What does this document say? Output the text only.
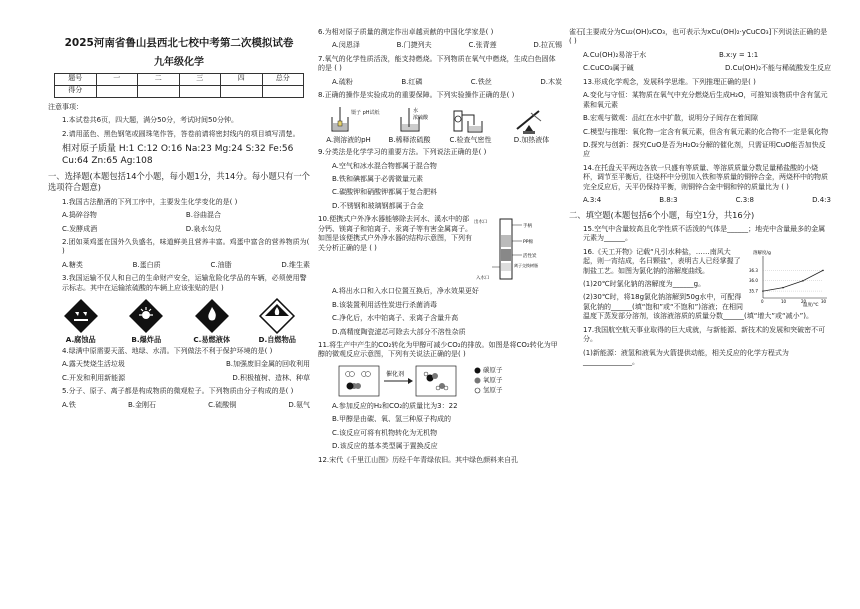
2025河南省鲁山县西北七校中考第二次模拟试卷
九年级化学
题号	一	二	三	四	总分
得分					

注意事项：

1.本试卷共6页，四大题，满分50分，考试时间50分钟。

2.请用蓝色、黑色钢笔或圆珠笔作答，答卷前请将密封线内的项目填写清楚。

相对原子质量 H:1 C:12 O:16 Na:23 Mg:24 S:32 Fe:56 Cu:64 Zn:65 Ag:108

一、选择题(本题包括14个小题，每小题1分，共14分。每小题只有一个选项符合题意)

1.我国古法酿酒的下列工序中，主要发生化学变化的是( )

A.捣碎谷物	B.谷曲混合
C.发酵成酒	D.泉水勾兑

2.团如莱鸡蛋在国外久负盛名，味道鲜美且营养丰富。鸡蛋中富含的营养物质为( )

A.糖类	B.蛋白质	C.油脂	D.维生素

3.我国运输不仅人和自己的生命财产安全，运输危险化学品的车辆，必须使用警示标志。其中在运输浓硫酸的车辆上应该张贴的是( )

A.腐蚀品	B.爆炸品	C.易燃液体	D.自燃物品

4.绿满中原需要天蓝、地绿、水清。下列做法不利于保护环境的是( )

A.露天焚烧生活垃圾	B.加强废旧金属的回收利用
C.开发和利用新能源	D.积极植树、造林、种草

5.分子、原子、离子都是构成物质的微观粒子。下列物质由分子构成的是( )

A.铁	B.金刚石	C.硫酸铜	D.氨气

6.为相对原子质量的测定作出卓越贡献的中国化学家是( )

A.闵恩泽	B.门捷列夫	C.张青莲	D.拉瓦锡

7.氧气的化学性质活泼，能支持燃烧。下列物质在氧气中燃烧，生成白色固体的是 ( )

A.硫粉	B.红磷	C.铁丝	D.木炭

8.正确的操作是实验成功的重要保障。下列实验操作正确的是( )

镊子 pH试纸
A.测溶液的pH
水
浓硫酸
B.稀释浓硫酸	C.检查气密性	D.加热液体

9.分类法是化学学习的重要方法。下列说法正确的是( )

A.空气和冰水混合物都属于混合物

B.铁和碘都属于必需微量元素

C.碳酸钾和硝酸钾都属于复合肥料

D.不锈钢和玻璃钢都属于合金

10.便携式户外净水器能够除去河水、溪水中的部分钙、镁离子和铂离子、汞离子等有害金属离子。如图是该便携式户外净水器的结构示意图，下列有关分析正确的是 ( )

出水口
手柄
PP棉
活性炭
离子交换树脂
入水口

A.将出水口和入水口位置互换后，净水效果更好

B.该装置利用活性炭进行杀菌消毒

C.净化后，水中铂离子、汞离子含量升高

D.高精度陶瓷滤芯可除去大部分不溶性杂质

11.将生产中产生的CO₂转化为甲醇可减少CO₂的排放。如图是将CO₂转化为甲醇的微观反应示意图，下列有关说法正确的是( )

催化剂
碳原子
氧原子
氢原子

A.参加反应的H₂和CO₂的质量比为3：22

B.甲醇是由碳、氧、氢三种原子构成的

C.该反应可将有机物转化为无机物

D.该反应的基本类型属于置换反应

12.宋代《千里江山图》历经千年青绿依旧。其中绿色颜料来自孔

雀石[主要成分为Cu₂(OH)₂CO₃，也可表示为xCu(OH)₂·yCuCO₃]下列说法正确的是 ( )

A.Cu(OH)₂易溶于水	B.x:y = 1:1
C.CuCO₃属于碱	D.Cu(OH)₂不能与稀硫酸发生反应

13.形成化学观念，发展科学思维。下列推理正确的是( )

A.变化与守恒：某物质在氧气中充分燃烧后生成H₂O，可推知该物质中含有氢元素和氧元素

B.宏观与微观：品红在水中扩散，说明分子间存在着间隙

C.模型与推理：氧化物一定含有氧元素，但含有氧元素的化合物不一定是氧化物

D.探究与创新：探究CuO是否为H₂O₂分解的催化剂，只需证明CuO能否加快反应

14.在托盘天平两边各放一只盛有等质量、等溶质质量分数足量稀盐酸的小烧杯，调节至平衡后，往烧杯中分别加入铁和等质量的铜锌合金，两烧杯中的物质完全反应后，天平仍保持平衡，则铜锌合金中铜和锌的质量比为 ( )

A.3:4	B.8:3	C.3:8	D.4:3

二、填空题(本题包括6个小题，每空1分，共16分)

15.空气中含量较高且化学性质不活泼的气体是______；地壳中含量最多的金属元素为______。

溶解度/g
温度/℃
0	10	20	30
35.7
36.0
36.3

16.《天工开物》记载“凡引水种盐，……南风大起，则一宵结成，名曰颗盐”，表明古人已经掌握了制盐工艺。如图为氯化钠的溶解度曲线。

(1)20℃时氯化钠的溶解度为______g。

(2)30℃时，将18g氯化钠溶解到50g水中，可配得氯化钠的______(填“饱和”或“不饱和”)溶液；在相同温度下蒸发部分溶剂，该溶液溶质的质量分数______(填“增大”或“减小”)。

17.我国航空航天事业取得的巨大成就，与新能源、新技术的发展和突破密不可分。

(1)新能源：液氢和液氧为火箭提供动能，相关反应的化学方程式为______________。
